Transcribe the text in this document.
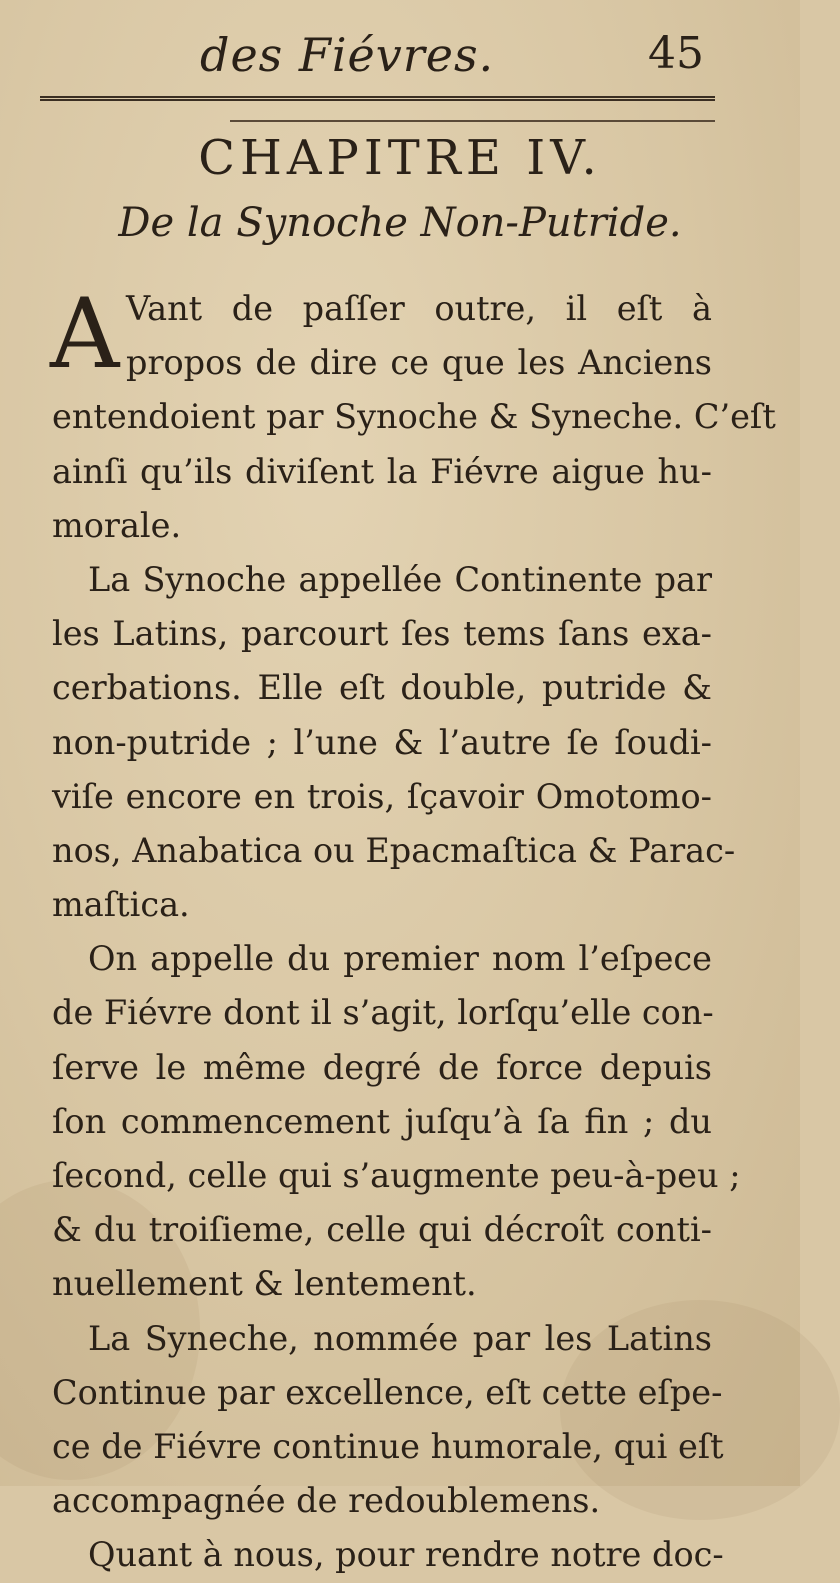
des Fiévres.	45
CHAPITRE IV.
De la Synoche Non-Putride.
A Vant de paſſer outre, il eſt à
propos de dire ce que les Anciens
entendoient par Synoche & Syneche. C’eſt
ainſi qu’ils diviſent la Fiévre aigue hu-
morale.
La Synoche appellée Continente par
les Latins, parcourt ſes tems ſans exa-
cerbations. Elle eſt double, putride &
non-putride ; l’une & l’autre ſe ſoudi-
viſe encore en trois, ſçavoir Omotomo-
nos, Anabatica ou Epacmaſtica & Parac-
maſtica.
On appelle du premier nom l’eſpece
de Fiévre dont il s’agit, lorſqu’elle con-
ſerve le même degré de force depuis
ſon commencement juſqu’à ſa fin ; du
ſecond, celle qui s’augmente peu-à-peu ;
& du troiſieme, celle qui décroît conti-
nuellement & lentement.
La Syneche, nommée par les Latins
Continue par excellence, eſt cette eſpe-
ce de Fiévre continue humorale, qui eſt
accompagnée de redoublemens.
Quant à nous, pour rendre notre doc-
